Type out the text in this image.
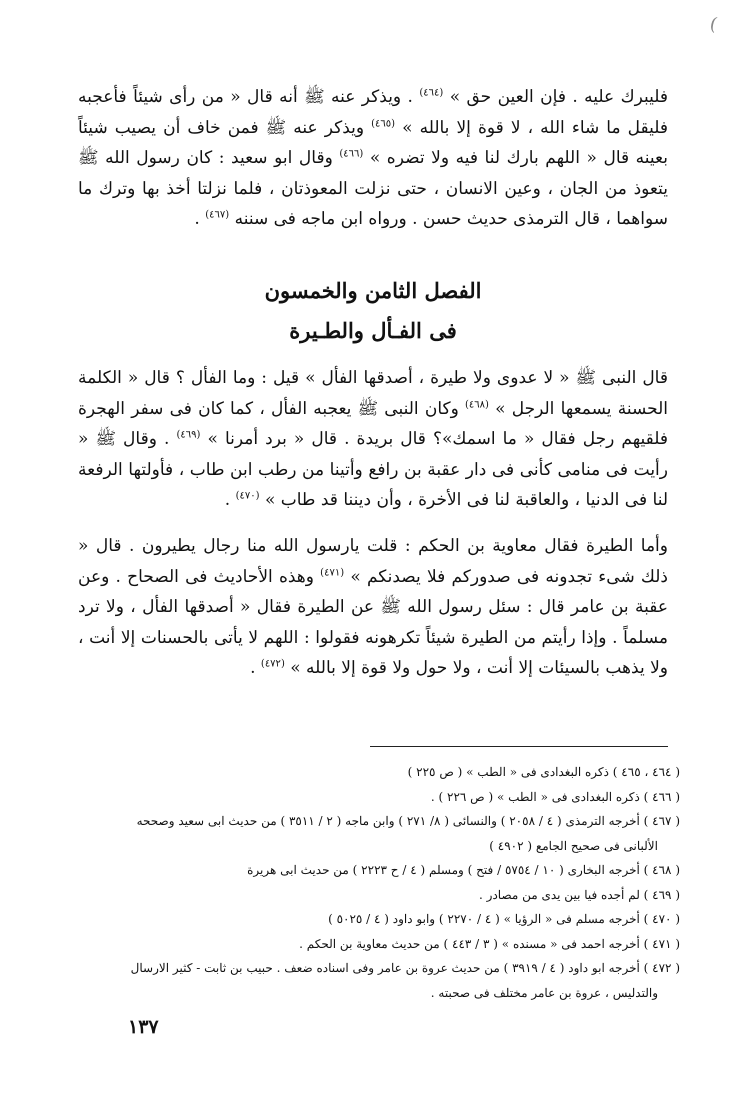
(

فليبرك عليه . فإن العين حق » $^{(٤٦٤)}$ . ويذكر عنه ﷺ أنه قال « من رأى شيئاً فأعجبه فليقل ما شاء الله ، لا قوة إلا بالله » $^{(٤٦٥)}$ ويذكر عنه ﷺ فمن خاف أن يصيب شيئاً بعينه قال « اللهم بارك لنا فيه ولا تضره » $^{(٤٦٦)}$ وقال ابو سعيد : كان رسول الله ﷺ يتعوذ من الجان ، وعين الانسان ، حتى نزلت المعوذتان ، فلما نزلتا أخذ بها وترك ما سواهما ، قال الترمذى حديث حسن . ورواه ابن ماجه فى سننه $^{(٤٦٧)}$ .

الفصل الثامن والخمسون
فى الفـأل والطـيرة

قال النبى ﷺ « لا عدوى ولا طيرة ، أصدقها الفأل » قيل : وما الفأل ؟ قال « الكلمة الحسنة يسمعها الرجل » $^{(٤٦٨)}$ وكان النبى ﷺ يعجبه الفأل ، كما كان فى سفر الهجرة فلقيهم رجل فقال « ما اسمك»؟ قال بريدة . قال « برد أمرنا » $^{(٤٦٩)}$ . وقال ﷺ « رأيت فى منامى كأنى فى دار عقبة بن رافع وأتينا من رطب ابن طاب ، فأولتها الرفعة لنا فى الدنيا ، والعاقبة لنا فى الأخرة ، وأن ديننا قد طاب » $^{(٤٧٠)}$ .

وأما الطيرة فقال معاوية بن الحكم : قلت يارسول الله منا رجال يطيرون . قال « ذلك شىء تجدونه فى صدوركم فلا يصدنكم » $^{(٤٧١)}$ وهذه الأحاديث فى الصحاح . وعن عقبة بن عامر قال : سئل رسول الله ﷺ عن الطيرة فقال « أصدقها الفأل ، ولا ترد مسلماً . وإذا رأيتم من الطيرة شيئاً تكرهونه فقولوا : اللهم لا يأتى بالحسنات إلا أنت ، ولا يذهب بالسيئات إلا أنت ، ولا حول ولا قوة إلا بالله » $^{(٤٧٢)}$ .

( ٤٦٤ ، ٤٦٥ ) ذكره البغدادى فى « الطب » ( ص ٢٢٥ )
( ٤٦٦ ) ذكره البغدادى فى « الطب » ( ص ٢٢٦ ) .
( ٤٦٧ ) أخرجه الترمذى ( ٤ / ٢٠٥٨ ) والنسائى ( ٨/ ٢٧١ ) وابن ماجه ( ٢ / ٣٥١١ ) من حديث ابى سعيد وصححه
الألبانى فى صحيح الجامع ( ٤٩٠٢ )
( ٤٦٨ ) أخرجه البخارى ( ١٠ / ٥٧٥٤ / فتح ) ومسلم ( ٤ / ح ٢٢٢٣ ) من حديث ابى هريرة
( ٤٦٩ ) لم أجده فيا بين يدى من مصادر .
( ٤٧٠ ) أخرجه مسلم فى « الرؤيا » ( ٤ / ٢٢٧٠ ) وابو داود ( ٤ / ٥٠٢٥ )
( ٤٧١ ) أخرجه احمد فى « مسنده » ( ٣ / ٤٤٣ ) من حديث معاوية بن الحكم .
( ٤٧٢ ) أخرجه ابو داود ( ٤ / ٣٩١٩ ) من حديث عروة بن عامر وفى اسناده ضعف . حبيب بن ثابت - كثير الارسال
والتدليس ، عروة بن عامر مختلف فى صحبته .
١٣٧
